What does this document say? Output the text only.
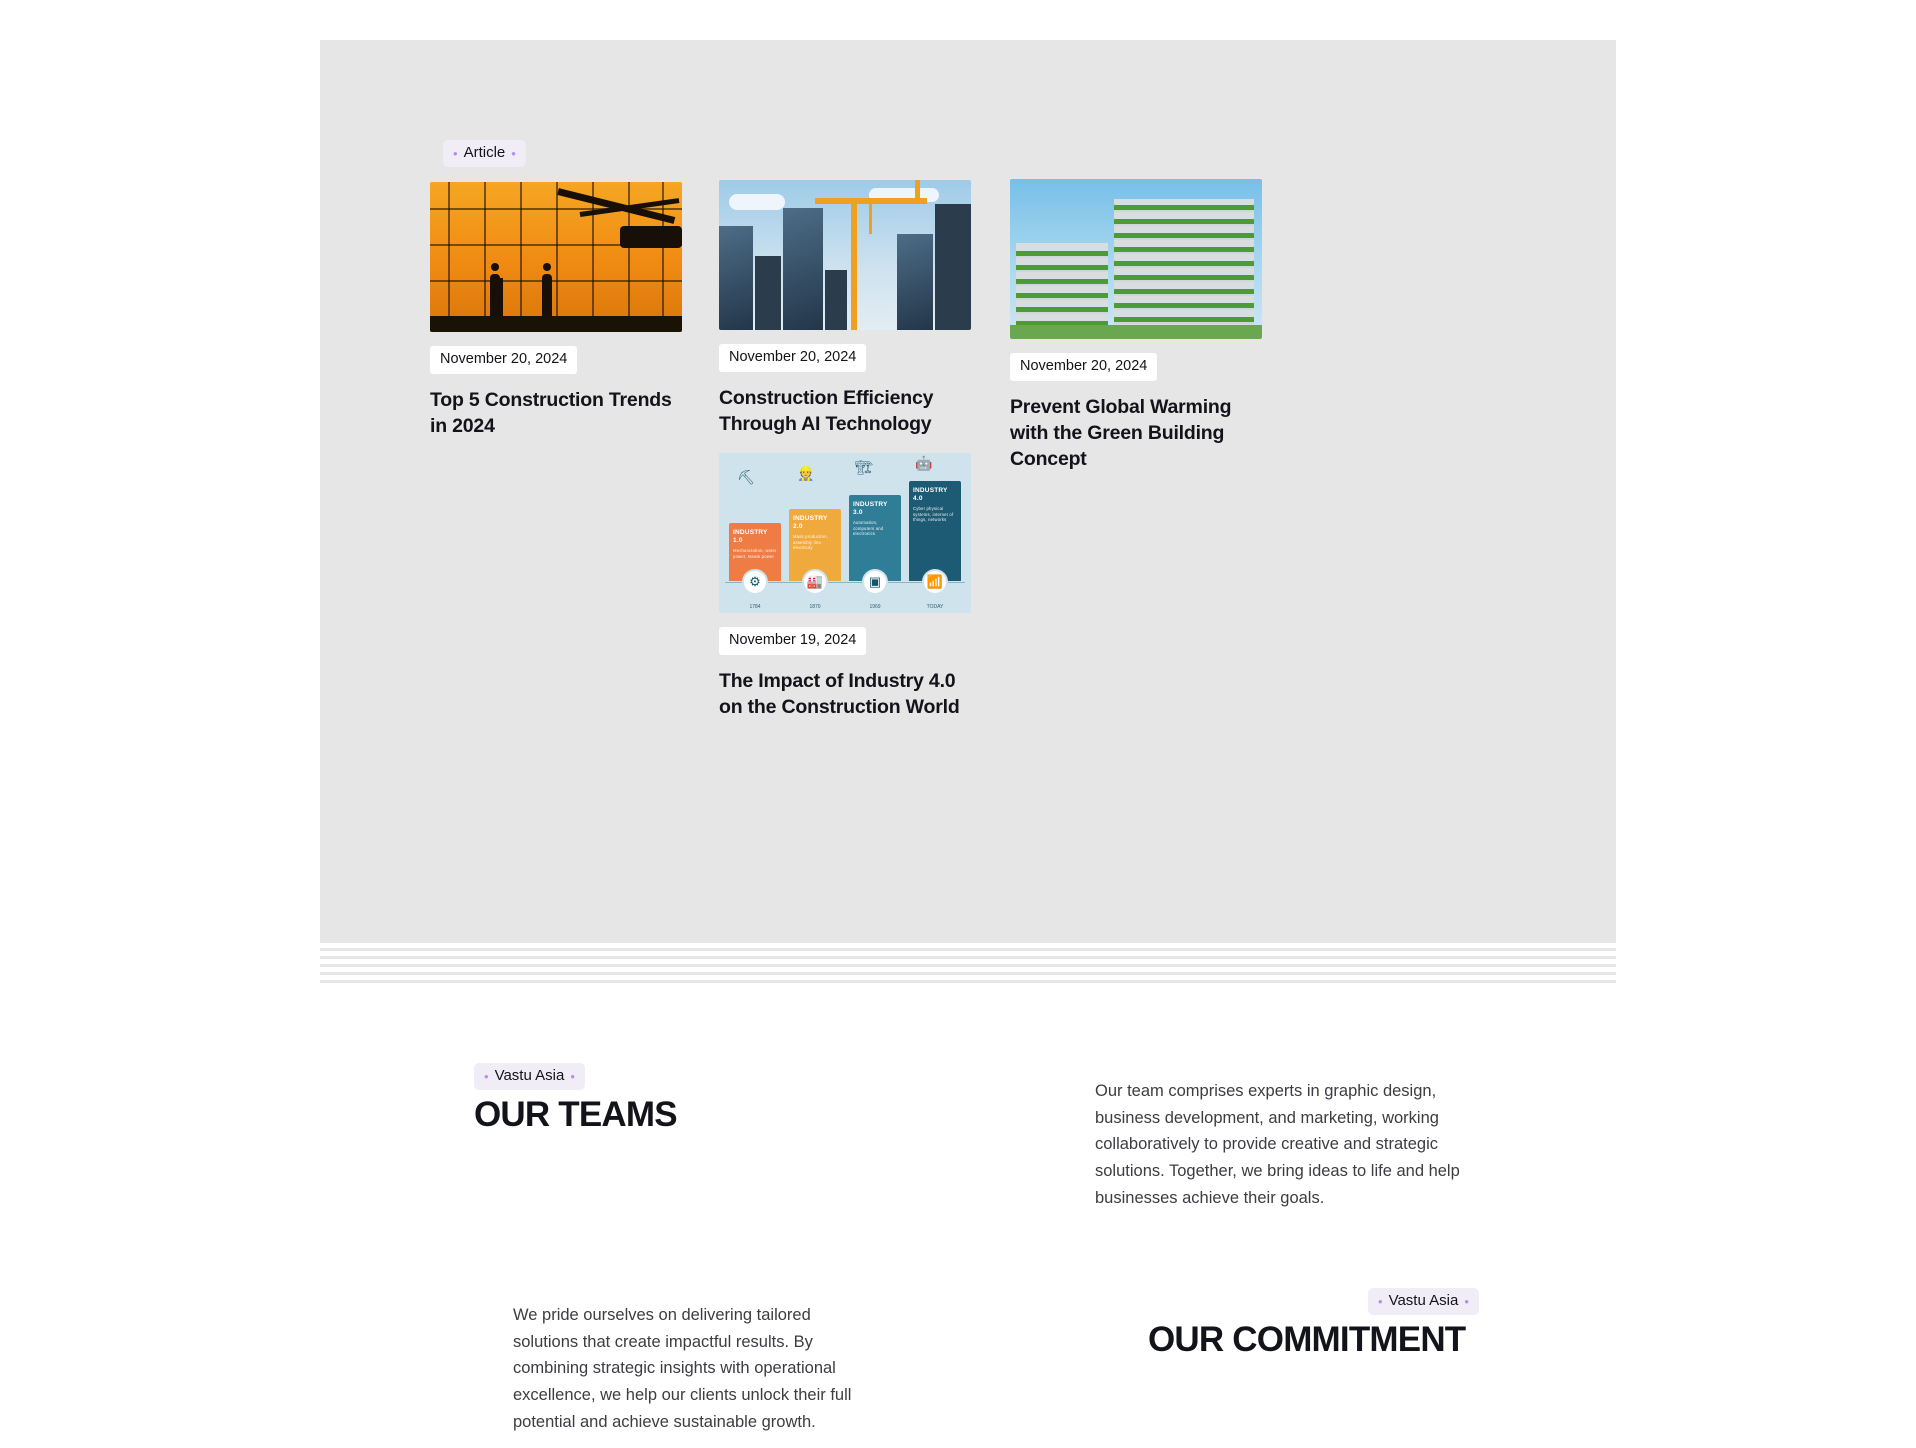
• Article •
November 20, 2024
Top 5 Construction Trends in 2024
November 20, 2024
Construction Efficiency Through AI Technology
November 20, 2024
Prevent Global Warming with the Green Building Concept
⛏	👷	🏗	🤖
INDUSTRY 1.0
Mechanization, water power, steam power
INDUSTRY 2.0
Mass production, assembly line, electricity
INDUSTRY 3.0
Automation, computers and electronics
INDUSTRY 4.0
Cyber physical systems, internet of things, networks
⚙	🏭	▣	📶
1784	1870	1969	TODAY
November 19, 2024
The Impact of Industry 4.0 on the Construction World
• Vastu Asia •
OUR TEAMS

Our team comprises experts in graphic design, business development, and marketing, working collaboratively to provide creative and strategic solutions. Together, we bring ideas to life and help businesses achieve their goals.

We pride ourselves on delivering tailored solutions that create impactful results. By combining strategic insights with operational excellence, we help our clients unlock their full potential and achieve sustainable growth.

• Vastu Asia •
OUR COMMITMENT
